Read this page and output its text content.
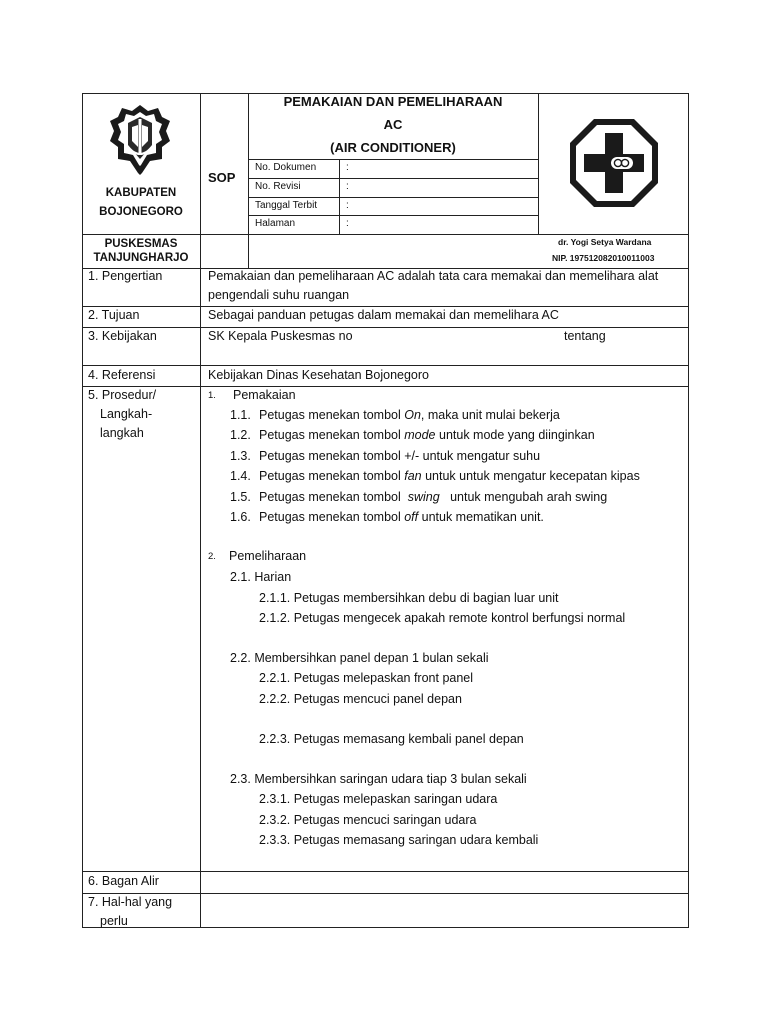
KABUPATEN
BOJONEGORO
PUSKESMAS
TANJUNGHARJO
SOP
PEMAKAIAN DAN PEMELIHARAAN
AC
(AIR CONDITIONER)
No. Dokumen	:
No. Revisi	:
Tanggal Terbit	:
Halaman	:
dr. Yogi Setya Wardana
NIP. 197512082010011003
1. Pengertian	Pemakaian dan pemeliharaan AC adalah tata cara memakai dan memelihara alat
pengendali suhu ruangan
2. Tujuan	Sebagai panduan petugas dalam memakai dan memelihara AC
3. Kebijakan	SK Kepala Puskesmas no	tentang
4. Referensi	Kebijakan Dinas Kesehatan Bojonegoro
5. Prosedur/
Langkah-
langkah
1. Pemakaian
1.1. Petugas menekan tombol On, maka unit mulai bekerja
1.2. Petugas menekan tombol mode untuk mode yang diinginkan
1.3. Petugas menekan tombol +/- untuk mengatur suhu
1.4. Petugas menekan tombol fan untuk untuk mengatur kecepatan kipas
1.5. Petugas menekan tombol  swing   untuk mengubah arah swing
1.6. Petugas menekan tombol off untuk mematikan unit.
2. Pemeliharaan
2.1. Harian
2.1.1. Petugas membersihkan debu di bagian luar unit
2.1.2. Petugas mengecek apakah remote kontrol berfungsi normal
2.2. Membersihkan panel depan 1 bulan sekali
2.2.1. Petugas melepaskan front panel
2.2.2. Petugas mencuci panel depan
2.2.3. Petugas memasang kembali panel depan
2.3. Membersihkan saringan udara tiap 3 bulan sekali
2.3.1. Petugas melepaskan saringan udara
2.3.2. Petugas mencuci saringan udara
2.3.3. Petugas memasang saringan udara kembali
6. Bagan Alir
7. Hal-hal yang
perlu
